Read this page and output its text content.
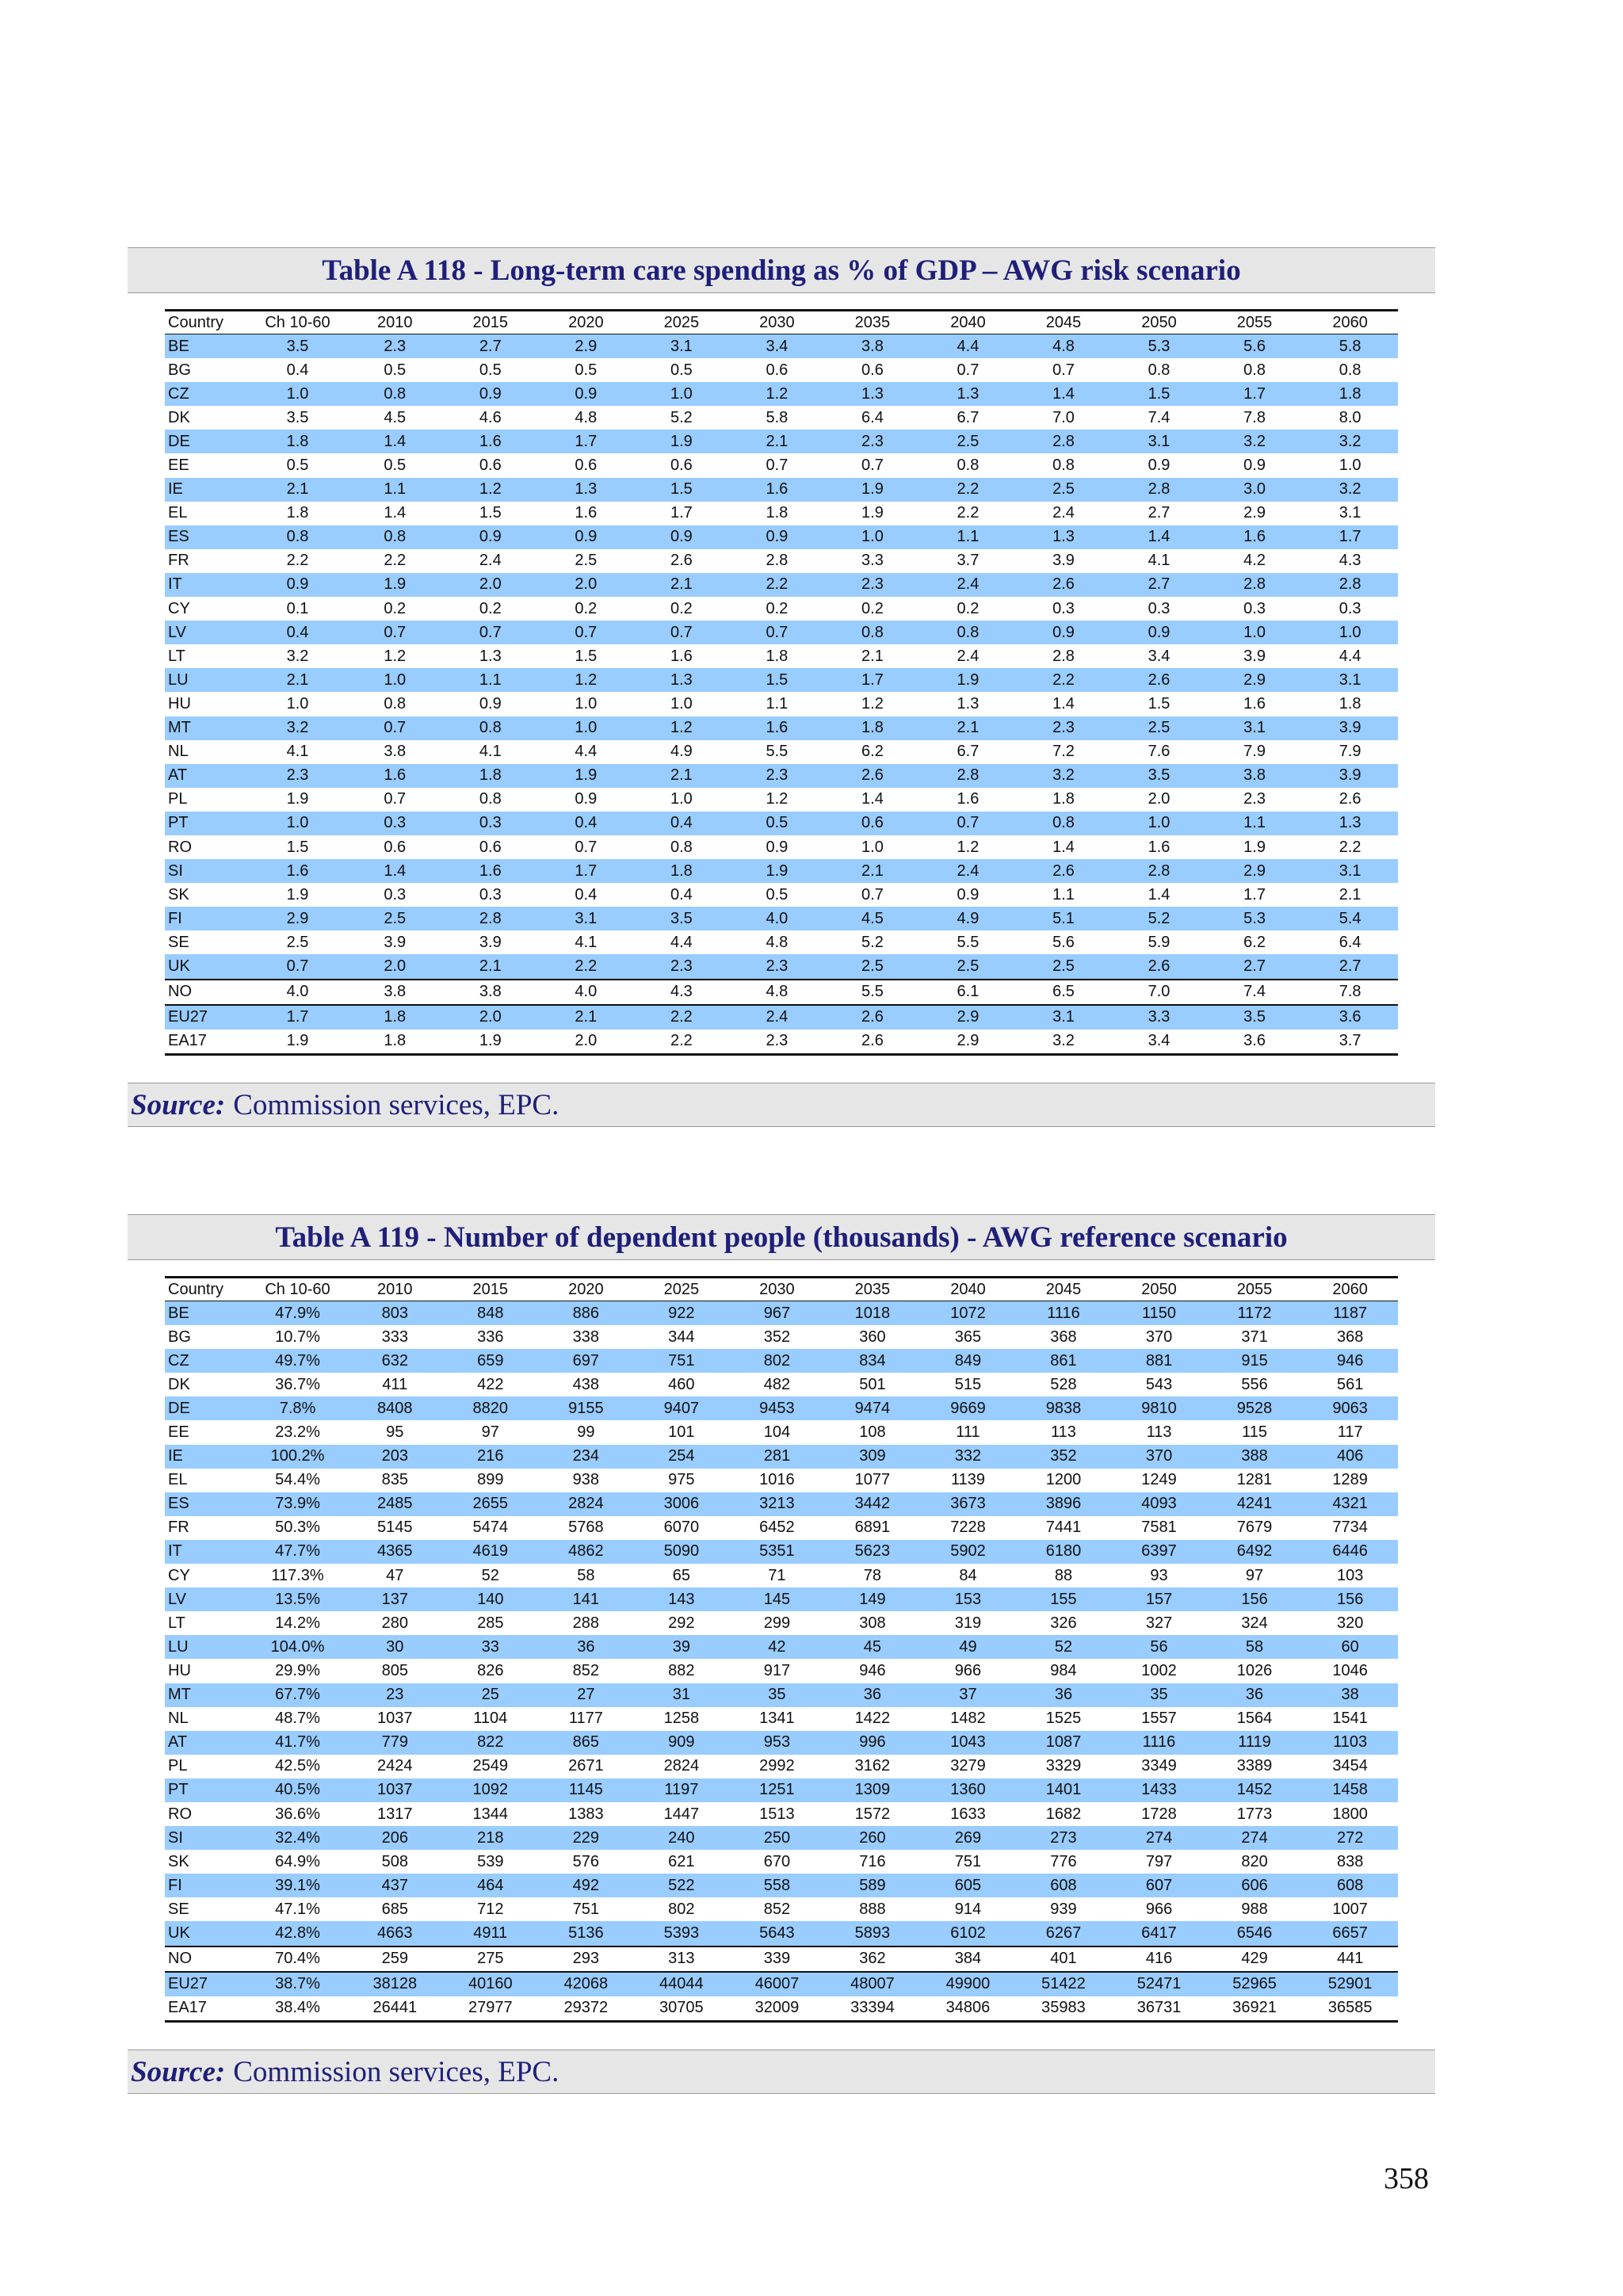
Table A 118 - Long-term care spending as % of GDP – AWG risk scenario
Country	Ch 10-60	2010	2015	2020	2025	2030	2035	2040	2045	2050	2055	2060
BE	3.5	2.3	2.7	2.9	3.1	3.4	3.8	4.4	4.8	5.3	5.6	5.8
BG	0.4	0.5	0.5	0.5	0.5	0.6	0.6	0.7	0.7	0.8	0.8	0.8
CZ	1.0	0.8	0.9	0.9	1.0	1.2	1.3	1.3	1.4	1.5	1.7	1.8
DK	3.5	4.5	4.6	4.8	5.2	5.8	6.4	6.7	7.0	7.4	7.8	8.0
DE	1.8	1.4	1.6	1.7	1.9	2.1	2.3	2.5	2.8	3.1	3.2	3.2
EE	0.5	0.5	0.6	0.6	0.6	0.7	0.7	0.8	0.8	0.9	0.9	1.0
IE	2.1	1.1	1.2	1.3	1.5	1.6	1.9	2.2	2.5	2.8	3.0	3.2
EL	1.8	1.4	1.5	1.6	1.7	1.8	1.9	2.2	2.4	2.7	2.9	3.1
ES	0.8	0.8	0.9	0.9	0.9	0.9	1.0	1.1	1.3	1.4	1.6	1.7
FR	2.2	2.2	2.4	2.5	2.6	2.8	3.3	3.7	3.9	4.1	4.2	4.3
IT	0.9	1.9	2.0	2.0	2.1	2.2	2.3	2.4	2.6	2.7	2.8	2.8
CY	0.1	0.2	0.2	0.2	0.2	0.2	0.2	0.2	0.3	0.3	0.3	0.3
LV	0.4	0.7	0.7	0.7	0.7	0.7	0.8	0.8	0.9	0.9	1.0	1.0
LT	3.2	1.2	1.3	1.5	1.6	1.8	2.1	2.4	2.8	3.4	3.9	4.4
LU	2.1	1.0	1.1	1.2	1.3	1.5	1.7	1.9	2.2	2.6	2.9	3.1
HU	1.0	0.8	0.9	1.0	1.0	1.1	1.2	1.3	1.4	1.5	1.6	1.8
MT	3.2	0.7	0.8	1.0	1.2	1.6	1.8	2.1	2.3	2.5	3.1	3.9
NL	4.1	3.8	4.1	4.4	4.9	5.5	6.2	6.7	7.2	7.6	7.9	7.9
AT	2.3	1.6	1.8	1.9	2.1	2.3	2.6	2.8	3.2	3.5	3.8	3.9
PL	1.9	0.7	0.8	0.9	1.0	1.2	1.4	1.6	1.8	2.0	2.3	2.6
PT	1.0	0.3	0.3	0.4	0.4	0.5	0.6	0.7	0.8	1.0	1.1	1.3
RO	1.5	0.6	0.6	0.7	0.8	0.9	1.0	1.2	1.4	1.6	1.9	2.2
SI	1.6	1.4	1.6	1.7	1.8	1.9	2.1	2.4	2.6	2.8	2.9	3.1
SK	1.9	0.3	0.3	0.4	0.4	0.5	0.7	0.9	1.1	1.4	1.7	2.1
FI	2.9	2.5	2.8	3.1	3.5	4.0	4.5	4.9	5.1	5.2	5.3	5.4
SE	2.5	3.9	3.9	4.1	4.4	4.8	5.2	5.5	5.6	5.9	6.2	6.4
UK	0.7	2.0	2.1	2.2	2.3	2.3	2.5	2.5	2.5	2.6	2.7	2.7
NO	4.0	3.8	3.8	4.0	4.3	4.8	5.5	6.1	6.5	7.0	7.4	7.8
EU27	1.7	1.8	2.0	2.1	2.2	2.4	2.6	2.9	3.1	3.3	3.5	3.6
EA17	1.9	1.8	1.9	2.0	2.2	2.3	2.6	2.9	3.2	3.4	3.6	3.7
Source: Commission services, EPC.
Table A 119 - Number of dependent people (thousands) - AWG reference scenario
Country	Ch 10-60	2010	2015	2020	2025	2030	2035	2040	2045	2050	2055	2060
BE	47.9%	803	848	886	922	967	1018	1072	1116	1150	1172	1187
BG	10.7%	333	336	338	344	352	360	365	368	370	371	368
CZ	49.7%	632	659	697	751	802	834	849	861	881	915	946
DK	36.7%	411	422	438	460	482	501	515	528	543	556	561
DE	7.8%	8408	8820	9155	9407	9453	9474	9669	9838	9810	9528	9063
EE	23.2%	95	97	99	101	104	108	111	113	113	115	117
IE	100.2%	203	216	234	254	281	309	332	352	370	388	406
EL	54.4%	835	899	938	975	1016	1077	1139	1200	1249	1281	1289
ES	73.9%	2485	2655	2824	3006	3213	3442	3673	3896	4093	4241	4321
FR	50.3%	5145	5474	5768	6070	6452	6891	7228	7441	7581	7679	7734
IT	47.7%	4365	4619	4862	5090	5351	5623	5902	6180	6397	6492	6446
CY	117.3%	47	52	58	65	71	78	84	88	93	97	103
LV	13.5%	137	140	141	143	145	149	153	155	157	156	156
LT	14.2%	280	285	288	292	299	308	319	326	327	324	320
LU	104.0%	30	33	36	39	42	45	49	52	56	58	60
HU	29.9%	805	826	852	882	917	946	966	984	1002	1026	1046
MT	67.7%	23	25	27	31	35	36	37	36	35	36	38
NL	48.7%	1037	1104	1177	1258	1341	1422	1482	1525	1557	1564	1541
AT	41.7%	779	822	865	909	953	996	1043	1087	1116	1119	1103
PL	42.5%	2424	2549	2671	2824	2992	3162	3279	3329	3349	3389	3454
PT	40.5%	1037	1092	1145	1197	1251	1309	1360	1401	1433	1452	1458
RO	36.6%	1317	1344	1383	1447	1513	1572	1633	1682	1728	1773	1800
SI	32.4%	206	218	229	240	250	260	269	273	274	274	272
SK	64.9%	508	539	576	621	670	716	751	776	797	820	838
FI	39.1%	437	464	492	522	558	589	605	608	607	606	608
SE	47.1%	685	712	751	802	852	888	914	939	966	988	1007
UK	42.8%	4663	4911	5136	5393	5643	5893	6102	6267	6417	6546	6657
NO	70.4%	259	275	293	313	339	362	384	401	416	429	441
EU27	38.7%	38128	40160	42068	44044	46007	48007	49900	51422	52471	52965	52901
EA17	38.4%	26441	27977	29372	30705	32009	33394	34806	35983	36731	36921	36585
Source: Commission services, EPC.
358
